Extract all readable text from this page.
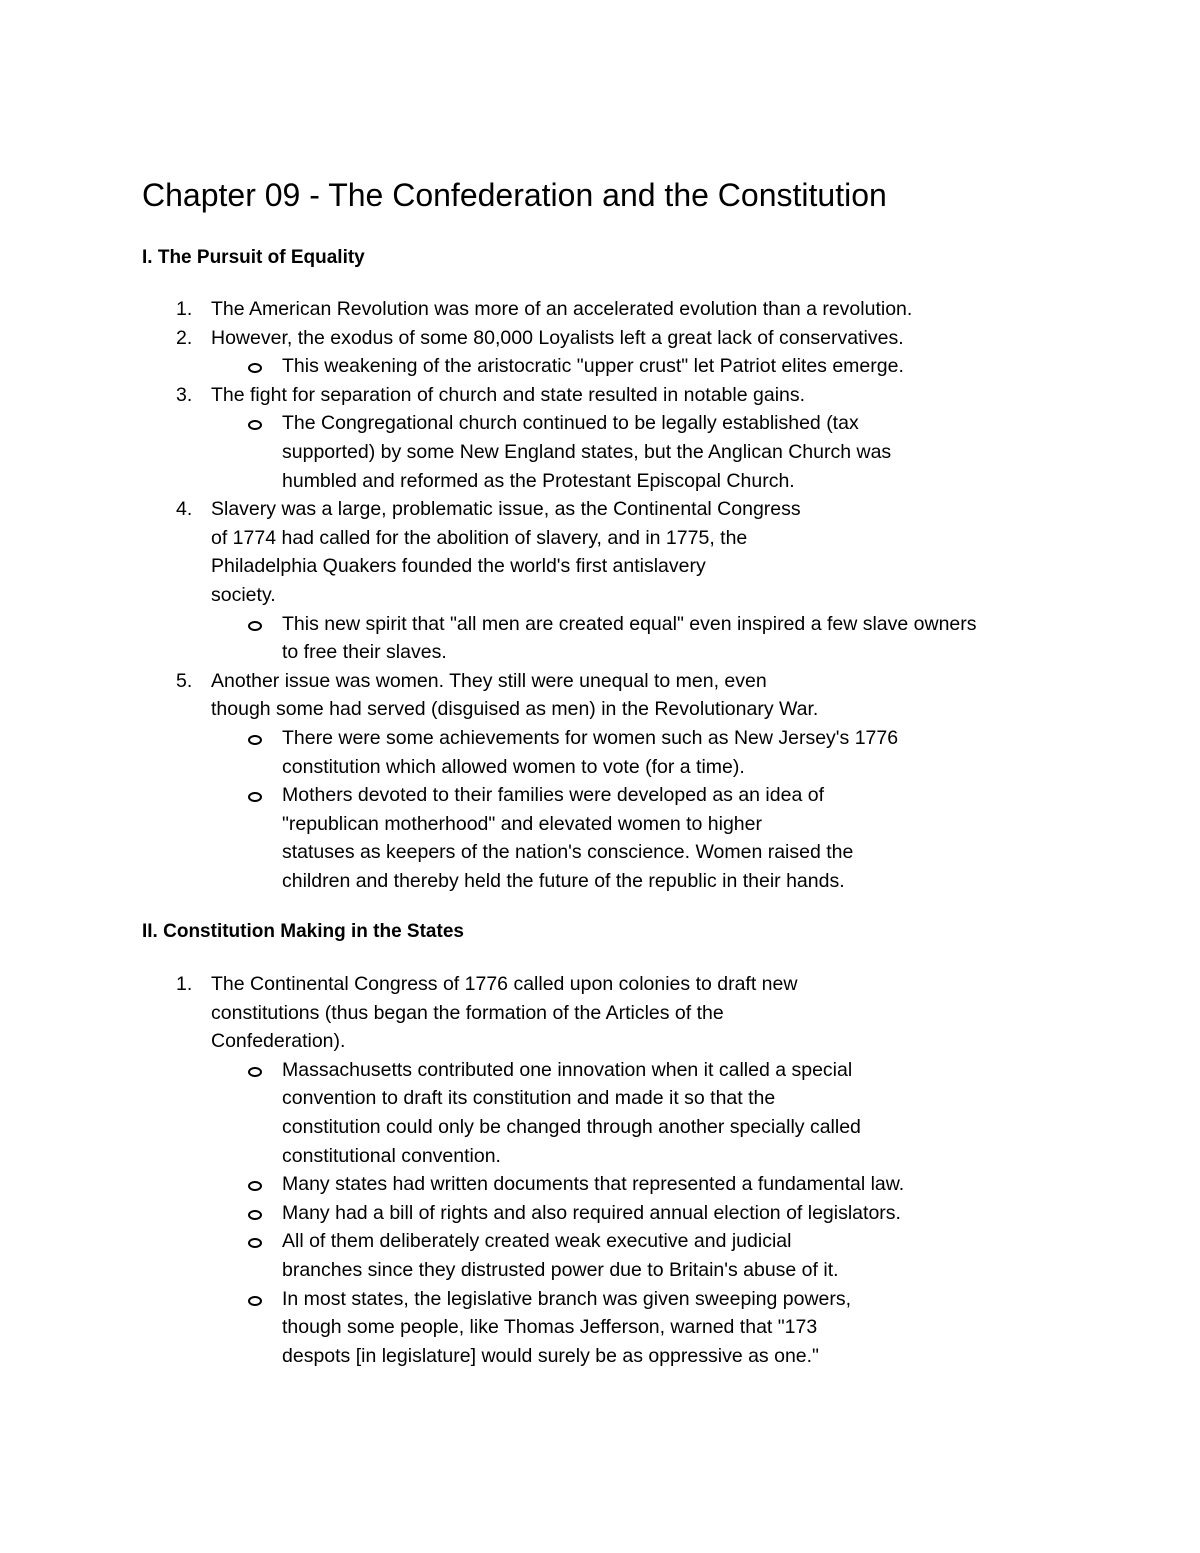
Chapter 09 - The Confederation and the Constitution
I. The Pursuit of Equality
1. The American Revolution was more of an accelerated evolution than a revolution.
2. However, the exodus of some 80,000 Loyalists left a great lack of conservatives.
This weakening of the aristocratic "upper crust" let Patriot elites emerge.
3. The fight for separation of church and state resulted in notable gains.
The Congregational church continued to be legally established (tax
supported) by some New England states, but the Anglican Church was
humbled and reformed as the Protestant Episcopal Church.
4. Slavery was a large, problematic issue, as the Continental Congress
of 1774 had called for the abolition of slavery, and in 1775, the
Philadelphia Quakers founded the world's first antislavery
society.
This new spirit that "all men are created equal" even inspired a few slave owners
to free their slaves.
5. Another issue was women. They still were unequal to men, even
though some had served (disguised as men) in the Revolutionary War.
There were some achievements for women such as New Jersey's 1776
constitution which allowed women to vote (for a time).
Mothers devoted to their families were developed as an idea of
"republican motherhood" and elevated women to higher
statuses as keepers of the nation's conscience. Women raised the
children and thereby held the future of the republic in their hands.
II. Constitution Making in the States
1. The Continental Congress of 1776 called upon colonies to draft new
constitutions (thus began the formation of the Articles of the
Confederation).
Massachusetts contributed one innovation when it called a special
convention to draft its constitution and made it so that the
constitution could only be changed through another specially called
constitutional convention.
Many states had written documents that represented a fundamental law.
Many had a bill of rights and also required annual election of legislators.
All of them deliberately created weak executive and judicial
branches since they distrusted power due to Britain's abuse of it.
In most states, the legislative branch was given sweeping powers,
though some people, like Thomas Jefferson, warned that "173
despots [in legislature] would surely be as oppressive as one."
